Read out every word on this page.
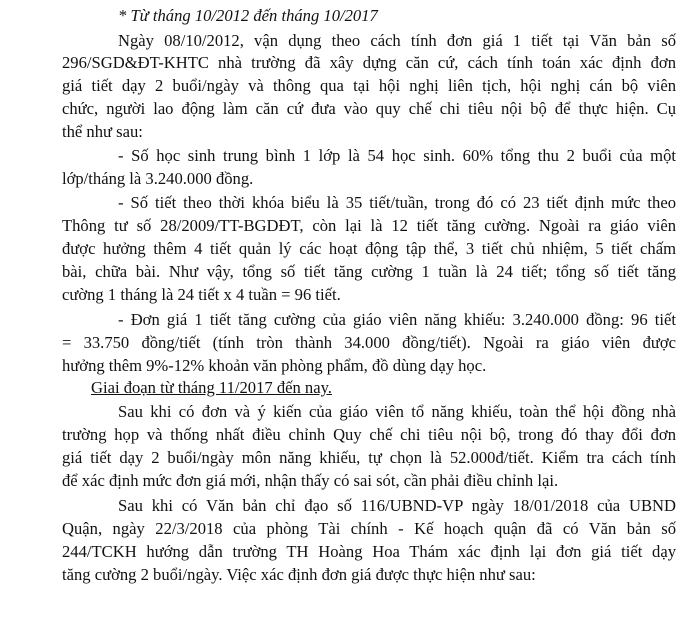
* Từ tháng 10/2012 đến tháng 10/2017
Ngày 08/10/2012, vận dụng theo cách tính đơn giá 1 tiết tại Văn bản số
296/SGD&ĐT-KHTC nhà trường đã xây dựng căn cứ, cách tính toán xác định đơn
giá tiết dạy 2 buổi/ngày và thông qua tại hội nghị liên tịch, hội nghị cán bộ viên
chức, người lao động làm căn cứ đưa vào quy chế chi tiêu nội bộ để thực hiện. Cụ
thể như sau:
- Số học sinh trung bình 1 lớp là 54 học sinh. 60% tổng thu 2 buổi của một
lớp/tháng là 3.240.000 đồng.
- Số tiết theo thời khóa biểu là 35 tiết/tuần, trong đó có 23 tiết định mức theo
Thông tư số 28/2009/TT-BGDĐT, còn lại là 12 tiết tăng cường. Ngoài ra giáo viên
được hưởng thêm 4 tiết quản lý các hoạt động tập thể, 3 tiết chủ nhiệm, 5 tiết chấm
bài, chữa bài. Như vậy, tổng số tiết tăng cường 1 tuần là 24 tiết; tổng số tiết tăng
cường 1 tháng là 24 tiết x 4 tuần = 96 tiết.
- Đơn giá 1 tiết tăng cường của giáo viên năng khiếu: 3.240.000 đồng: 96 tiết
= 33.750 đồng/tiết (tính tròn thành 34.000 đồng/tiết). Ngoài ra giáo viên được
hưởng thêm 9%-12% khoản văn phòng phẩm, đồ dùng dạy học.
Giai đoạn từ tháng 11/2017 đến nay.
Sau khi có đơn và ý kiến của giáo viên tổ năng khiếu, toàn thể hội đồng nhà
trường họp và thống nhất điều chỉnh Quy chế chi tiêu nội bộ, trong đó thay đổi đơn
giá tiết dạy 2 buổi/ngày môn năng khiếu, tự chọn là 52.000đ/tiết. Kiểm tra cách tính
để xác định mức đơn giá mới, nhận thấy có sai sót, cần phải điều chỉnh lại.
Sau khi có Văn bản chỉ đạo số 116/UBND-VP ngày 18/01/2018 của UBND
Quận, ngày 22/3/2018 của phòng Tài chính - Kế hoạch quận đã có Văn bản số
244/TCKH hướng dẫn trường TH Hoàng Hoa Thám xác định lại đơn giá tiết dạy
tăng cường 2 buổi/ngày. Việc xác định đơn giá được thực hiện như sau:
